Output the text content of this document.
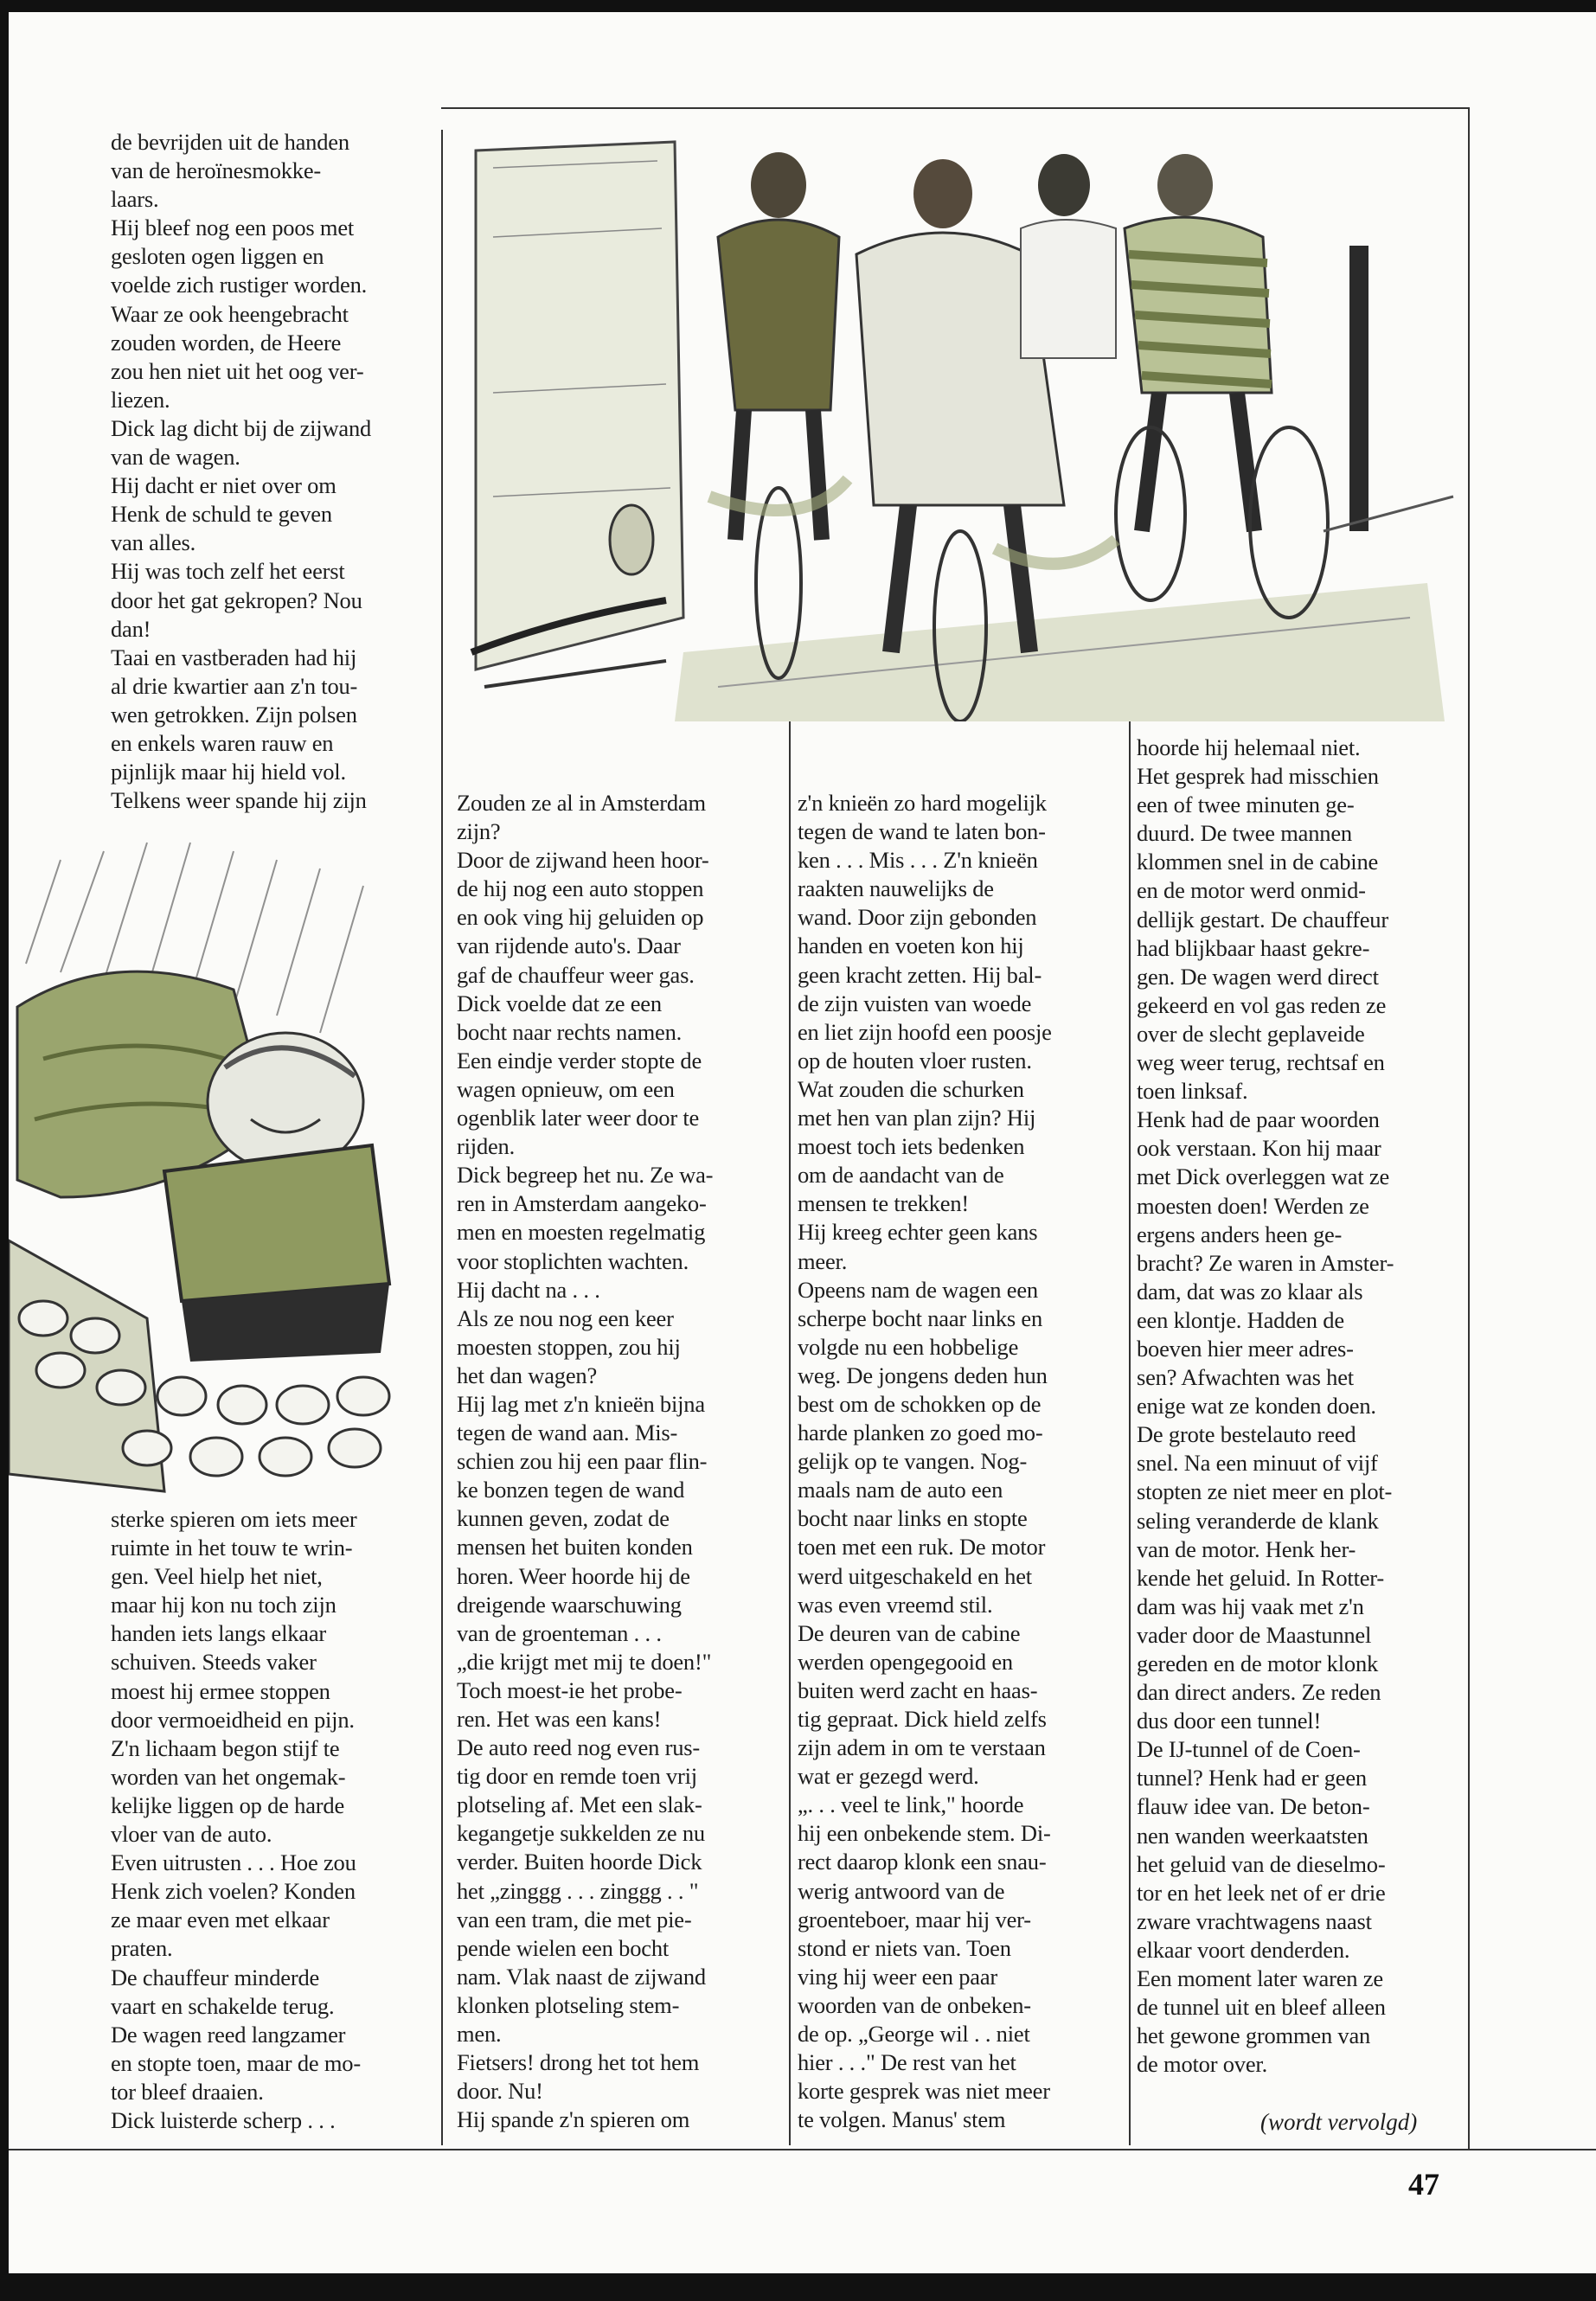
de bevrijden uit de handen
van de heroïnesmokke-
laars.
Hij bleef nog een poos met
gesloten ogen liggen en
voelde zich rustiger worden.
Waar ze ook heengebracht
zouden worden, de Heere
zou hen niet uit het oog ver-
liezen.
Dick lag dicht bij de zijwand
van de wagen.
Hij dacht er niet over om
Henk de schuld te geven
van alles.
Hij was toch zelf het eerst
door het gat gekropen? Nou
dan!
Taai en vastberaden had hij
al drie kwartier aan z'n tou-
wen getrokken. Zijn polsen
en enkels waren rauw en
pijnlijk maar hij hield vol.
Telkens weer spande hij zijn
sterke spieren om iets meer
ruimte in het touw te wrin-
gen. Veel hielp het niet,
maar hij kon nu toch zijn
handen iets langs elkaar
schuiven. Steeds vaker
moest hij ermee stoppen
door vermoeidheid en pijn.
Z'n lichaam begon stijf te
worden van het ongemak-
kelijke liggen op de harde
vloer van de auto.
Even uitrusten . . . Hoe zou
Henk zich voelen? Konden
ze maar even met elkaar
praten.
De chauffeur minderde
vaart en schakelde terug.
De wagen reed langzamer
en stopte toen, maar de mo-
tor bleef draaien.
Dick luisterde scherp . . .
Zouden ze al in Amsterdam
zijn?
Door de zijwand heen hoor-
de hij nog een auto stoppen
en ook ving hij geluiden op
van rijdende auto's. Daar
gaf de chauffeur weer gas.
Dick voelde dat ze een
bocht naar rechts namen.
Een eindje verder stopte de
wagen opnieuw, om een
ogenblik later weer door te
rijden.
Dick begreep het nu. Ze wa-
ren in Amsterdam aangeko-
men en moesten regelmatig
voor stoplichten wachten.
Hij dacht na . . .
Als ze nou nog een keer
moesten stoppen, zou hij
het dan wagen?
Hij lag met z'n knieën bijna
tegen de wand aan. Mis-
schien zou hij een paar flin-
ke bonzen tegen de wand
kunnen geven, zodat de
mensen het buiten konden
horen. Weer hoorde hij de
dreigende waarschuwing
van de groenteman . . .
„die krijgt met mij te doen!"
Toch moest-ie het probe-
ren. Het was een kans!
De auto reed nog even rus-
tig door en remde toen vrij
plotseling af. Met een slak-
kegangetje sukkelden ze nu
verder. Buiten hoorde Dick
het „zinggg . . . zinggg . . "
van een tram, die met pie-
pende wielen een bocht
nam. Vlak naast de zijwand
klonken plotseling stem-
men.
Fietsers! drong het tot hem
door. Nu!
Hij spande z'n spieren om
z'n knieën zo hard mogelijk
tegen de wand te laten bon-
ken . . . Mis . . . Z'n knieën
raakten nauwelijks de
wand. Door zijn gebonden
handen en voeten kon hij
geen kracht zetten. Hij bal-
de zijn vuisten van woede
en liet zijn hoofd een poosje
op de houten vloer rusten.
Wat zouden die schurken
met hen van plan zijn? Hij
moest toch iets bedenken
om de aandacht van de
mensen te trekken!
Hij kreeg echter geen kans
meer.
Opeens nam de wagen een
scherpe bocht naar links en
volgde nu een hobbelige
weg. De jongens deden hun
best om de schokken op de
harde planken zo goed mo-
gelijk op te vangen. Nog-
maals nam de auto een
bocht naar links en stopte
toen met een ruk. De motor
werd uitgeschakeld en het
was even vreemd stil.
De deuren van de cabine
werden opengegooid en
buiten werd zacht en haas-
tig gepraat. Dick hield zelfs
zijn adem in om te verstaan
wat er gezegd werd.
„. . . veel te link," hoorde
hij een onbekende stem. Di-
rect daarop klonk een snau-
werig antwoord van de
groenteboer, maar hij ver-
stond er niets van. Toen
ving hij weer een paar
woorden van de onbeken-
de op. „George wil . . niet
hier . . ." De rest van het
korte gesprek was niet meer
te volgen. Manus' stem
hoorde hij helemaal niet.
Het gesprek had misschien
een of twee minuten ge-
duurd. De twee mannen
klommen snel in de cabine
en de motor werd onmid-
dellijk gestart. De chauffeur
had blijkbaar haast gekre-
gen. De wagen werd direct
gekeerd en vol gas reden ze
over de slecht geplaveide
weg weer terug, rechtsaf en
toen linksaf.
Henk had de paar woorden
ook verstaan. Kon hij maar
met Dick overleggen wat ze
moesten doen! Werden ze
ergens anders heen ge-
bracht? Ze waren in Amster-
dam, dat was zo klaar als
een klontje. Hadden de
boeven hier meer adres-
sen? Afwachten was het
enige wat ze konden doen.
De grote bestelauto reed
snel. Na een minuut of vijf
stopten ze niet meer en plot-
seling veranderde de klank
van de motor. Henk her-
kende het geluid. In Rotter-
dam was hij vaak met z'n
vader door de Maastunnel
gereden en de motor klonk
dan direct anders. Ze reden
dus door een tunnel!
De IJ-tunnel of de Coen-
tunnel? Henk had er geen
flauw idee van. De beton-
nen wanden weerkaatsten
het geluid van de dieselmo-
tor en het leek net of er drie
zware vrachtwagens naast
elkaar voort denderden.
Een moment later waren ze
de tunnel uit en bleef alleen
het gewone grommen van
de motor over.
(wordt vervolgd)
47
